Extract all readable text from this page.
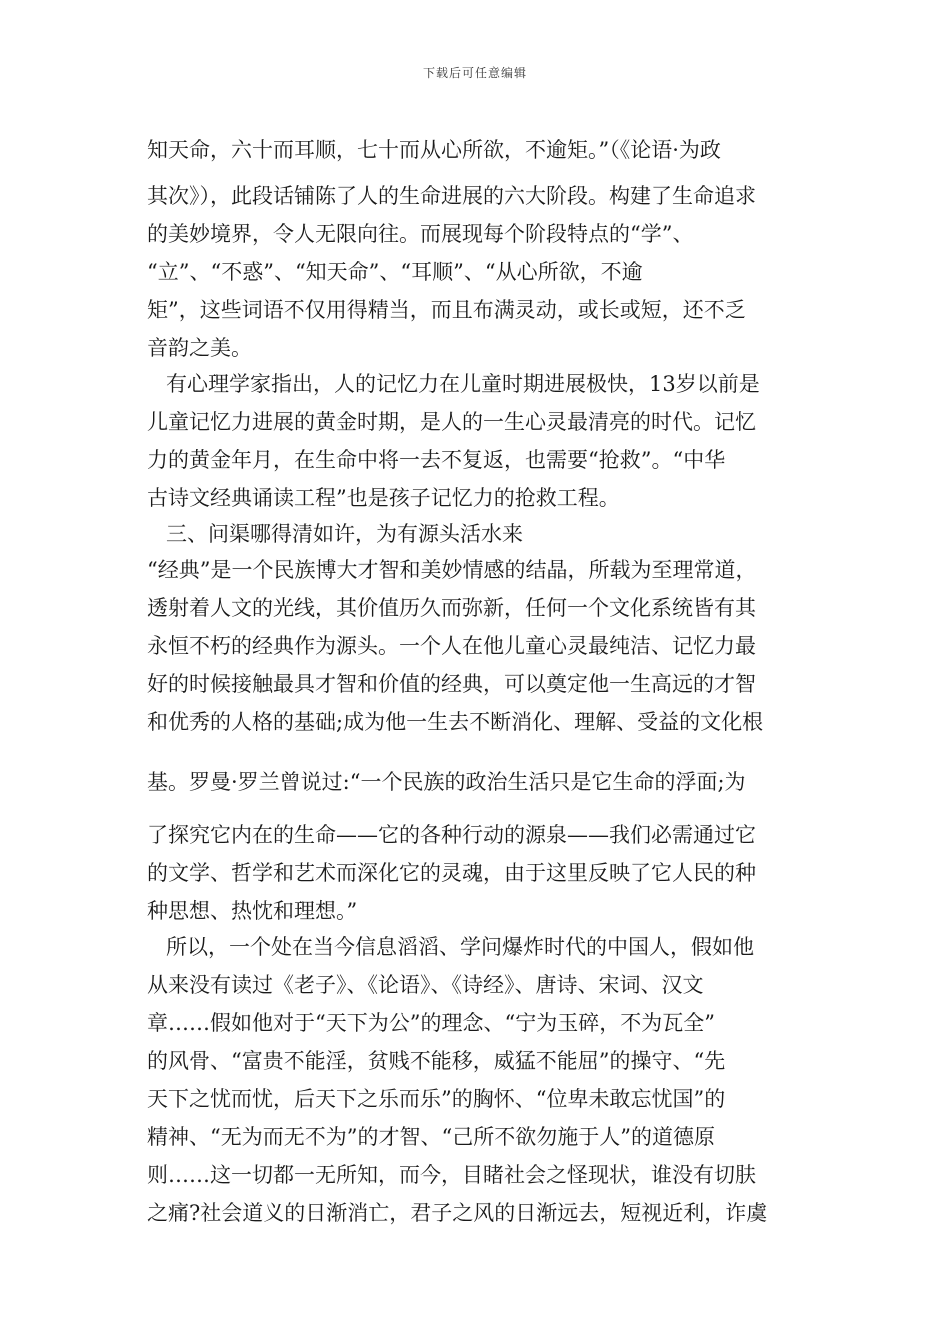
下载后可任意编辑
知天命，六十而耳顺，七十而从心所欲，不逾矩。”（《论语·为政
其次》），此段话铺陈了人的生命进展的六大阶段。构建了生命追求
的美妙境界，令人无限向往。而展现每个阶段特点的“学”、
“立”、“不惑”、“知天命”、“耳顺”、“从心所欲，不逾
矩”，这些词语不仅用得精当，而且布满灵动，或长或短，还不乏
音韵之美。
有心理学家指出，人的记忆力在儿童时期进展极快，13岁以前是
儿童记忆力进展的黄金时期，是人的一生心灵最清亮的时代。记忆
力的黄金年月，在生命中将一去不复返，也需要“抢救”。“中华
古诗文经典诵读工程”也是孩子记忆力的抢救工程。
三、问渠哪得清如许，为有源头活水来
“经典”是一个民族博大才智和美妙情感的结晶，所载为至理常道，
透射着人文的光线，其价值历久而弥新，任何一个文化系统皆有其
永恒不朽的经典作为源头。一个人在他儿童心灵最纯洁、记忆力最
好的时候接触最具才智和价值的经典，可以奠定他一生高远的才智
和优秀的人格的基础;成为他一生去不断消化、理解、受益的文化根
基。罗曼·罗兰曾说过:“一个民族的政治生活只是它生命的浮面;为
了探究它内在的生命——它的各种行动的源泉——我们必需通过它
的文学、哲学和艺术而深化它的灵魂，由于这里反映了它人民的种
种思想、热忱和理想。”
所以，一个处在当今信息滔滔、学问爆炸时代的中国人，假如他
从来没有读过《老子》、《论语》、《诗经》、唐诗、宋词、汉文
章……假如他对于“天下为公”的理念、“宁为玉碎，不为瓦全”
的风骨、“富贵不能淫，贫贱不能移，威猛不能屈”的操守、“先
天下之忧而忧，后天下之乐而乐”的胸怀、“位卑未敢忘忧国”的
精神、“无为而无不为”的才智、“己所不欲勿施于人”的道德原
则……这一切都一无所知，而今，目睹社会之怪现状，谁没有切肤
之痛?社会道义的日渐消亡，君子之风的日渐远去，短视近利，诈虞
